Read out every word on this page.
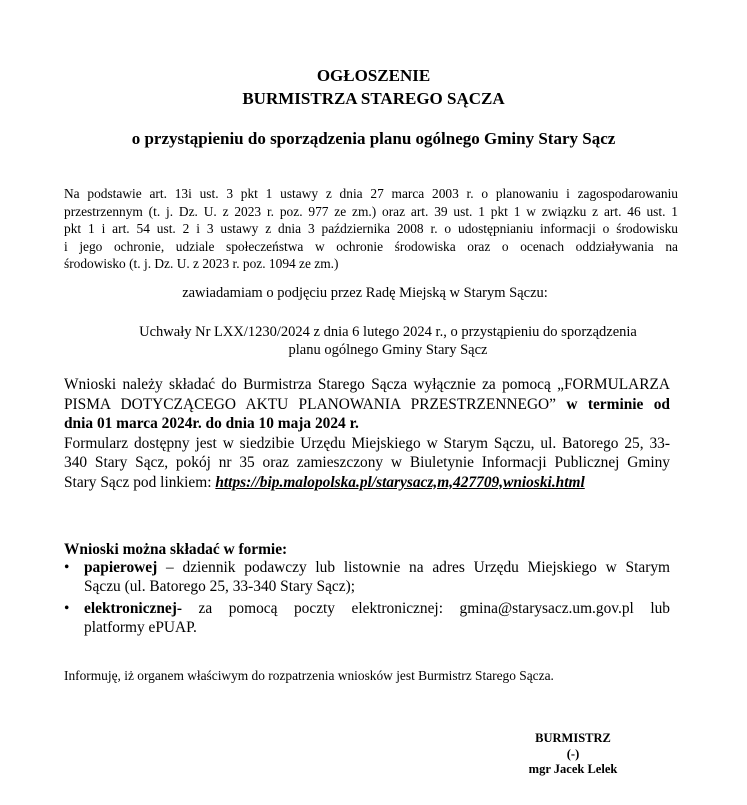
OGŁOSZENIE
BURMISTRZA STAREGO SĄCZA
o przystąpieniu do sporządzenia planu ogólnego Gminy Stary Sącz
Na podstawie art. 13i ust. 3 pkt 1 ustawy z dnia 27 marca 2003 r. o planowaniu i zagospodarowaniu
przestrzennym (t. j. Dz. U. z 2023 r. poz. 977 ze zm.) oraz art. 39 ust. 1 pkt 1 w związku z art. 46 ust. 1
pkt 1 i art. 54 ust. 2 i 3 ustawy z dnia 3 października 2008 r. o udostępnianiu informacji o środowisku
i jego ochronie, udziale społeczeństwa w ochronie środowiska oraz o ocenach oddziaływania na
środowisko (t. j. Dz. U. z 2023 r. poz. 1094 ze zm.)

zawiadamiam o podjęciu przez Radę Miejską w Starym Sączu:

Uchwały Nr LXX/1230/2024 z dnia 6 lutego 2024 r., o przystąpieniu do sporządzenia
planu ogólnego Gminy Stary Sącz
Wnioski należy składać do Burmistrza Starego Sącza wyłącznie za pomocą „FORMULARZA
PISMA DOTYCZĄCEGO AKTU PLANOWANIA PRZESTRZENNEGO” w terminie od
dnia 01 marca 2024r. do dnia 10 maja 2024 r.
Formularz dostępny jest w siedzibie Urzędu Miejskiego w Starym Sączu, ul. Batorego 25, 33-
340 Stary Sącz, pokój nr 35 oraz zamieszczony w Biuletynie Informacji Publicznej Gminy
Stary Sącz pod linkiem: https://bip.malopolska.pl/starysacz,m,427709,wnioski.html

Wnioski można składać w formie:

• papierowej – dziennik podawczy lub listownie na adres Urzędu Miejskiego w Starym
Sączu (ul. Batorego 25, 33-340 Stary Sącz);
• elektronicznej- za pomocą poczty elektronicznej: gmina@starysacz.um.gov.pl lub
platformy ePUAP.

Informuję, iż organem właściwym do rozpatrzenia wniosków jest Burmistrz Starego Sącza.

BURMISTRZ
(-)
mgr Jacek Lelek
